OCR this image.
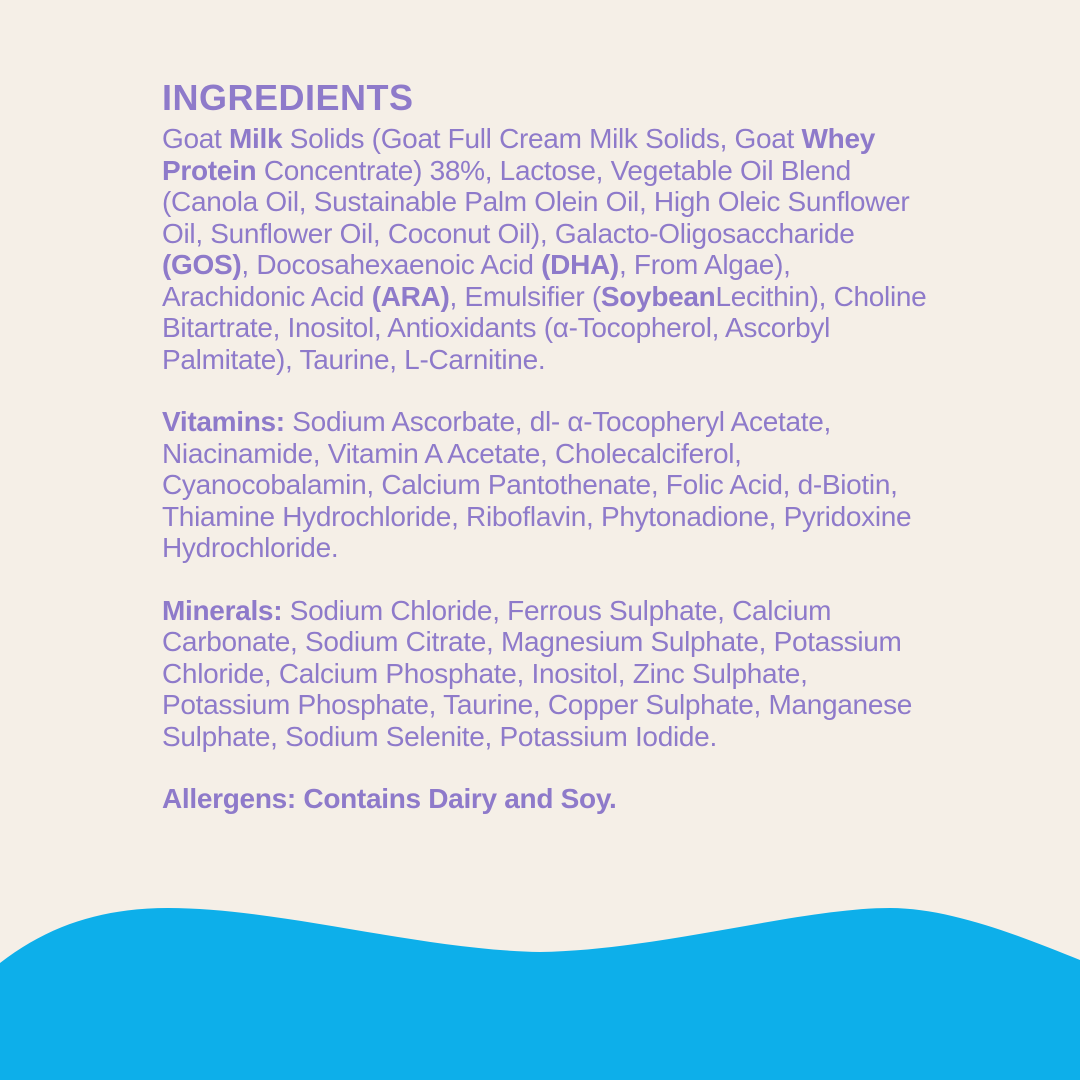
INGREDIENTS

Goat Milk Solids (Goat Full Cream Milk Solids, Goat Whey Protein Concentrate) 38%, Lactose, Vegetable Oil Blend (Canola Oil, Sustainable Palm Olein Oil, High Oleic Sunflower Oil, Sunflower Oil, Coconut Oil), Galacto-Oligosaccharide (GOS), Docosahexaenoic Acid (DHA), From Algae), Arachidonic Acid (ARA), Emulsifier (SoybeanLecithin), Choline Bitartrate, Inositol, Antioxidants (α-Tocopherol, Ascorbyl Palmitate), Taurine, L-Carnitine.

Vitamins: Sodium Ascorbate, dl- α-Tocopheryl Acetate, Niacinamide, Vitamin A Acetate, Cholecalciferol, Cyanocobalamin, Calcium Pantothenate, Folic Acid, d-Biotin, Thiamine Hydrochloride, Riboflavin, Phytonadione, Pyridoxine Hydrochloride.

Minerals: Sodium Chloride, Ferrous Sulphate, Calcium Carbonate, Sodium Citrate, Magnesium Sulphate, Potassium Chloride, Calcium Phosphate, Inositol, Zinc Sulphate, Potassium Phosphate, Taurine, Copper Sulphate, Manganese Sulphate, Sodium Selenite, Potassium Iodide.

Allergens: Contains Dairy and Soy.
